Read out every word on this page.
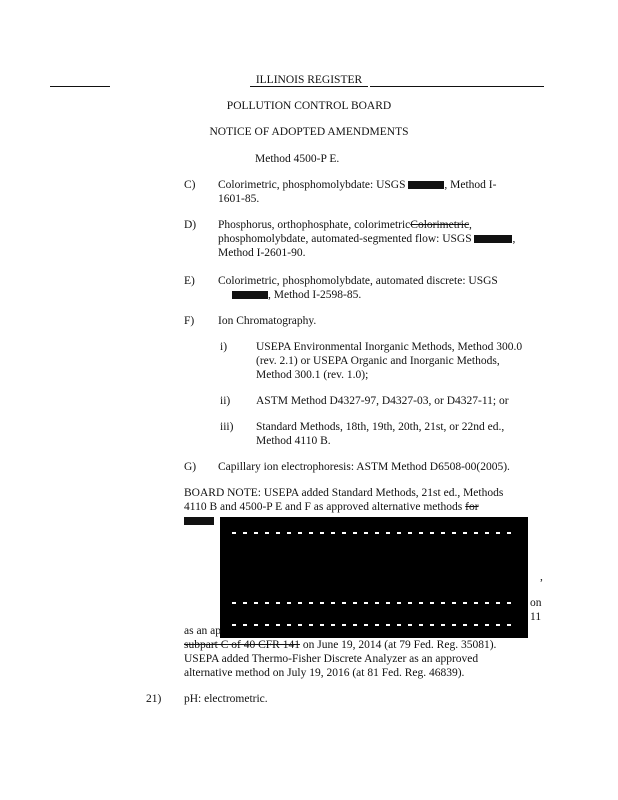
ILLINOIS REGISTER
POLLUTION CONTROL BOARD
NOTICE OF ADOPTED AMENDMENTS
Method 4500-P E.
C) Colorimetric, phosphomolybdate: USGS	, Method I-
1601-85.
D) Phosphorus, orthophosphate, colorimetricColorimetric,
phosphomolybdate, automated-segmented flow: USGS	,
Method I-2601-90.
E) Colorimetric, phosphomolybdate, automated discrete: USGS
, Method I-2598-85.
F) Ion Chromatography.
i)	USEPA Environmental Inorganic Methods, Method 300.0
(rev. 2.1) or USEPA Organic and Inorganic Methods,
Method 300.1 (rev. 1.0);
ii) ASTM Method D4327-97, D4327-03, or D4327-11; or
iii) Standard Methods, 18th, 19th, 20th, 21st, or 22nd ed.,
Method 4110 B.
G) Capillary ion electrophoresis: ASTM Method D6508-00(2005).
BOARD NOTE: USEPA added Standard Methods, 21st ed., Methods
4110 B and 4500-P E and F as approved alternative methods for
,
on
11
as an ap
subpart C of 40 CFR 141 on June 19, 2014 (at 79 Fed. Reg. 35081).
USEPA added Thermo-Fisher Discrete Analyzer as an approved
alternative method on July 19, 2016 (at 81 Fed. Reg. 46839).
21) pH: electrometric.
